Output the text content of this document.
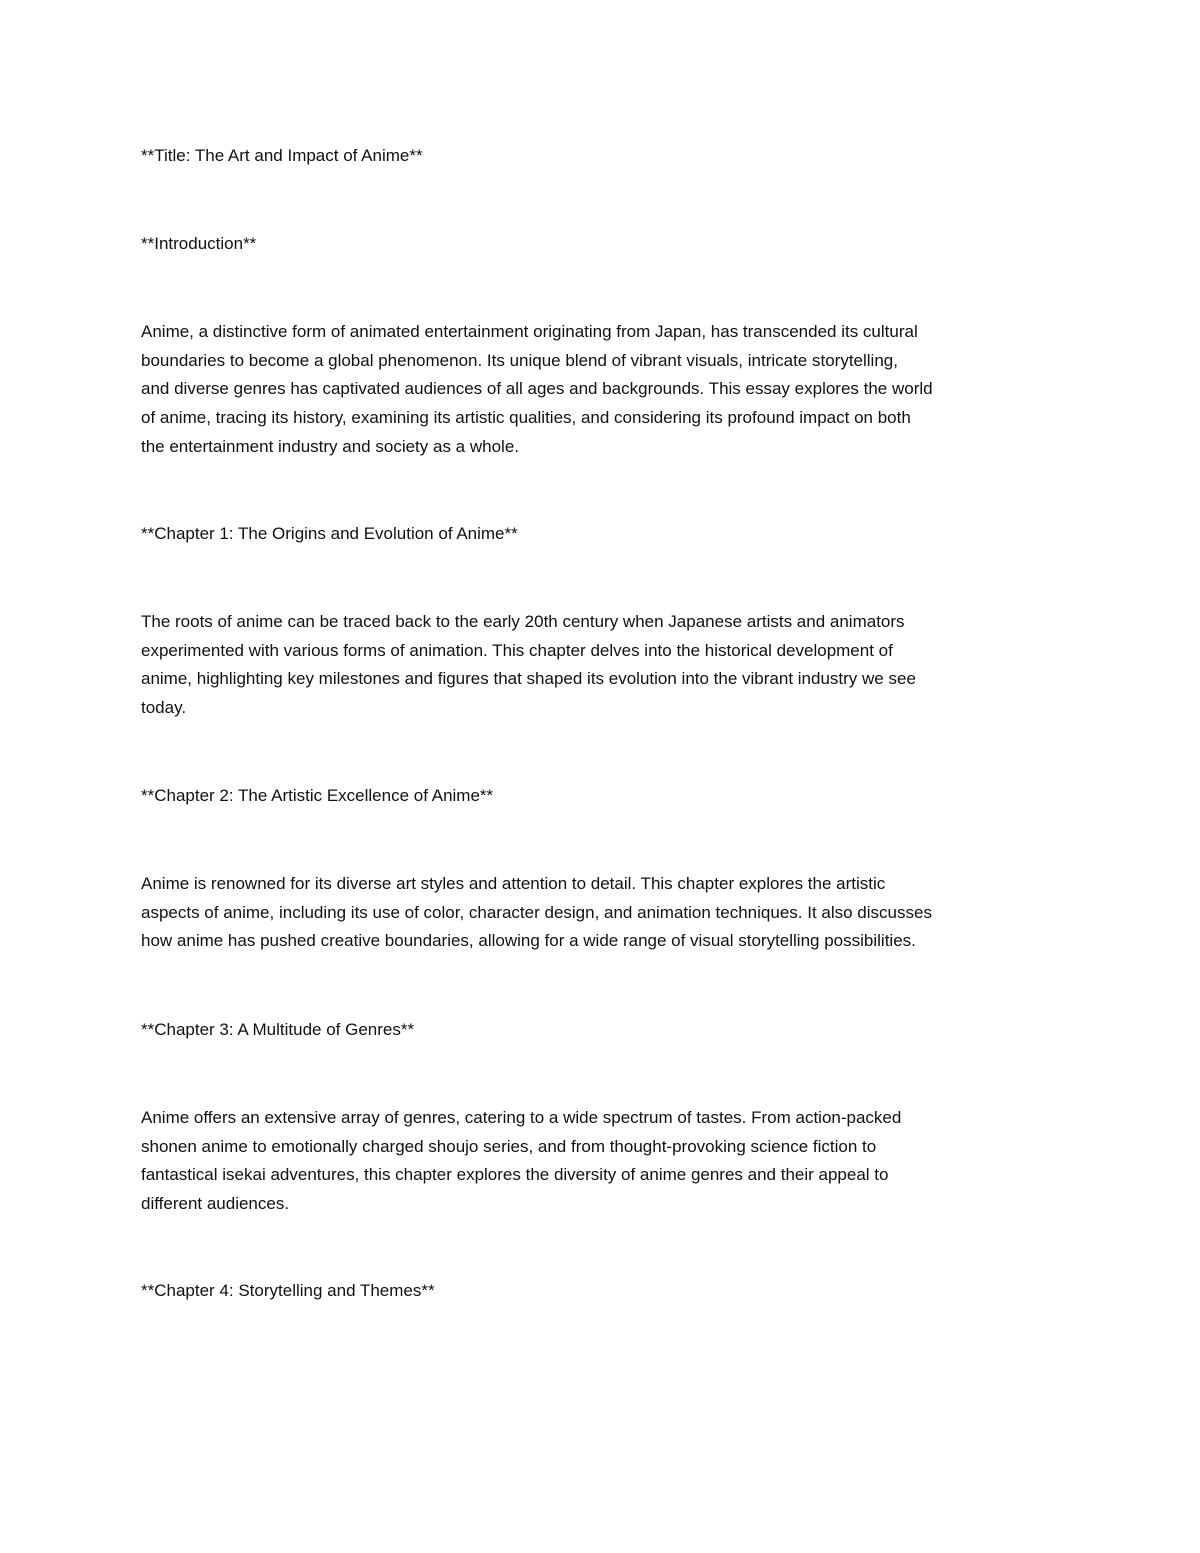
**Title: The Art and Impact of Anime**

**Introduction**

Anime, a distinctive form of animated entertainment originating from Japan, has transcended its cultural
boundaries to become a global phenomenon. Its unique blend of vibrant visuals, intricate storytelling,
and diverse genres has captivated audiences of all ages and backgrounds. This essay explores the world
of anime, tracing its history, examining its artistic qualities, and considering its profound impact on both
the entertainment industry and society as a whole.

**Chapter 1: The Origins and Evolution of Anime**

The roots of anime can be traced back to the early 20th century when Japanese artists and animators
experimented with various forms of animation. This chapter delves into the historical development of
anime, highlighting key milestones and figures that shaped its evolution into the vibrant industry we see
today.

**Chapter 2: The Artistic Excellence of Anime**

Anime is renowned for its diverse art styles and attention to detail. This chapter explores the artistic
aspects of anime, including its use of color, character design, and animation techniques. It also discusses
how anime has pushed creative boundaries, allowing for a wide range of visual storytelling possibilities.

**Chapter 3: A Multitude of Genres**

Anime offers an extensive array of genres, catering to a wide spectrum of tastes. From action-packed
shonen anime to emotionally charged shoujo series, and from thought-provoking science fiction to
fantastical isekai adventures, this chapter explores the diversity of anime genres and their appeal to
different audiences.

**Chapter 4: Storytelling and Themes**
